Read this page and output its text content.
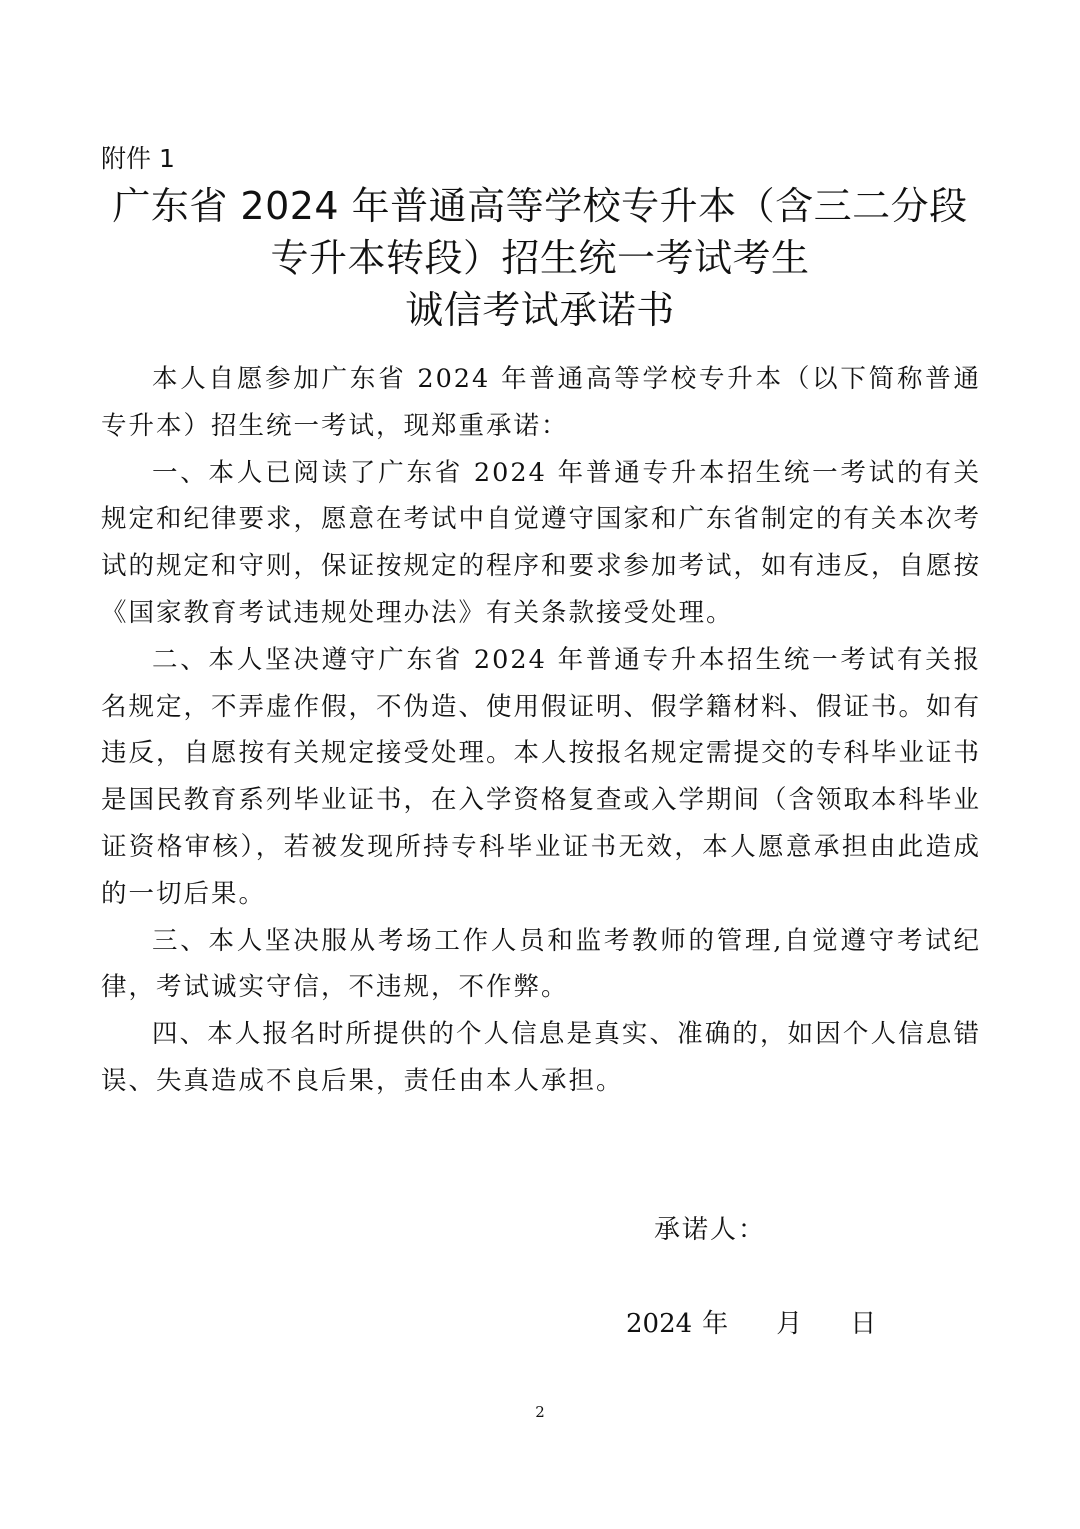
附件 1
广东省 2024 年普通高等学校专升本（含三二分段
专升本转段）招生统一考试考生
诚信考试承诺书

本人自愿参加广东省 2024 年普通高等学校专升本（以下简称普通专升本）招生统一考试，现郑重承诺：

一、本人已阅读了广东省 2024 年普通专升本招生统一考试的有关规定和纪律要求，愿意在考试中自觉遵守国家和广东省制定的有关本次考试的规定和守则，保证按规定的程序和要求参加考试，如有违反，自愿按《国家教育考试违规处理办法》有关条款接受处理。

二、本人坚决遵守广东省 2024 年普通专升本招生统一考试有关报名规定，不弄虚作假，不伪造、使用假证明、假学籍材料、假证书。如有违反，自愿按有关规定接受处理。本人按报名规定需提交的专科毕业证书是国民教育系列毕业证书，在入学资格复查或入学期间（含领取本科毕业证资格审核），若被发现所持专科毕业证书无效，本人愿意承担由此造成的一切后果。

三、本人坚决服从考场工作人员和监考教师的管理,自觉遵守考试纪律，考试诚实守信，不违规，不作弊。

四、本人报名时所提供的个人信息是真实、准确的，如因个人信息错误、失真造成不良后果，责任由本人承担。

承诺人：
2024 年 月 日
2
